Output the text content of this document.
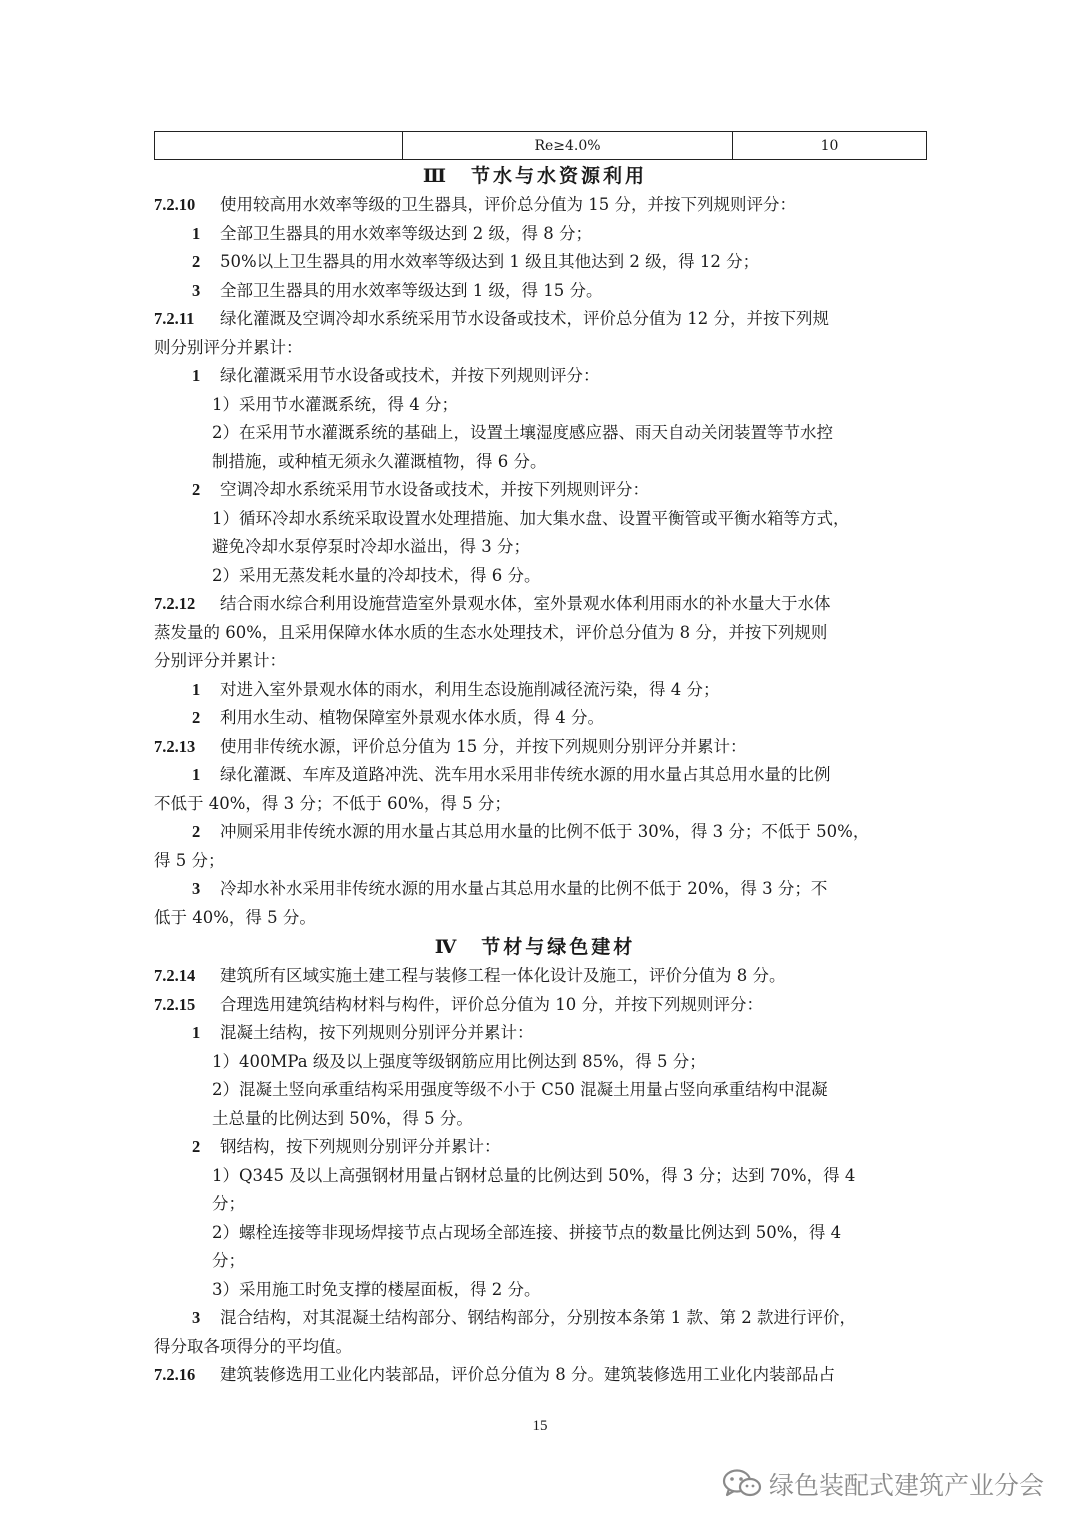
	Re≥4.0%	10
Ⅲ　节水与水资源利用
7.2.10 使用较高用水效率等级的卫生器具，评价总分值为 15 分，并按下列规则评分：
1 全部卫生器具的用水效率等级达到 2 级，得 8 分；
2 50%以上卫生器具的用水效率等级达到 1 级且其他达到 2 级，得 12 分；
3 全部卫生器具的用水效率等级达到 1 级，得 15 分。
7.2.11 绿化灌溉及空调冷却水系统采用节水设备或技术，评价总分值为 12 分，并按下列规
则分别评分并累计：
1 绿化灌溉采用节水设备或技术，并按下列规则评分：
1）采用节水灌溉系统，得 4 分；
2）在采用节水灌溉系统的基础上，设置土壤湿度感应器、雨天自动关闭装置等节水控
制措施，或种植无须永久灌溉植物，得 6 分。
2 空调冷却水系统采用节水设备或技术，并按下列规则评分：
1）循环冷却水系统采取设置水处理措施、加大集水盘、设置平衡管或平衡水箱等方式，
避免冷却水泵停泵时冷却水溢出，得 3 分；
2）采用无蒸发耗水量的冷却技术，得 6 分。
7.2.12 结合雨水综合利用设施营造室外景观水体，室外景观水体利用雨水的补水量大于水体
蒸发量的 60%，且采用保障水体水质的生态水处理技术，评价总分值为 8 分，并按下列规则
分别评分并累计：
1 对进入室外景观水体的雨水，利用生态设施削减径流污染，得 4 分；
2 利用水生动、植物保障室外景观水体水质，得 4 分。
7.2.13 使用非传统水源，评价总分值为 15 分，并按下列规则分别评分并累计：
1 绿化灌溉、车库及道路冲洗、洗车用水采用非传统水源的用水量占其总用水量的比例
不低于 40%，得 3 分；不低于 60%，得 5 分；
2 冲厕采用非传统水源的用水量占其总用水量的比例不低于 30%，得 3 分；不低于 50%，
得 5 分；
3 冷却水补水采用非传统水源的用水量占其总用水量的比例不低于 20%，得 3 分；不
低于 40%，得 5 分。
Ⅳ　节材与绿色建材
7.2.14 建筑所有区域实施土建工程与装修工程一体化设计及施工，评价分值为 8 分。
7.2.15 合理选用建筑结构材料与构件，评价总分值为 10 分，并按下列规则评分：
1 混凝土结构，按下列规则分别评分并累计：
1）400MPa 级及以上强度等级钢筋应用比例达到 85%，得 5 分；
2）混凝土竖向承重结构采用强度等级不小于 C50 混凝土用量占竖向承重结构中混凝
土总量的比例达到 50%，得 5 分。
2 钢结构，按下列规则分别评分并累计：
1）Q345 及以上高强钢材用量占钢材总量的比例达到 50%，得 3 分；达到 70%，得 4
分；
2）螺栓连接等非现场焊接节点占现场全部连接、拼接节点的数量比例达到 50%，得 4
分；
3）采用施工时免支撑的楼屋面板，得 2 分。
3 混合结构，对其混凝土结构部分、钢结构部分，分别按本条第 1 款、第 2 款进行评价，
得分取各项得分的平均值。
7.2.16 建筑装修选用工业化内装部品，评价总分值为 8 分。建筑装修选用工业化内装部品占
15
绿色装配式建筑产业分会
